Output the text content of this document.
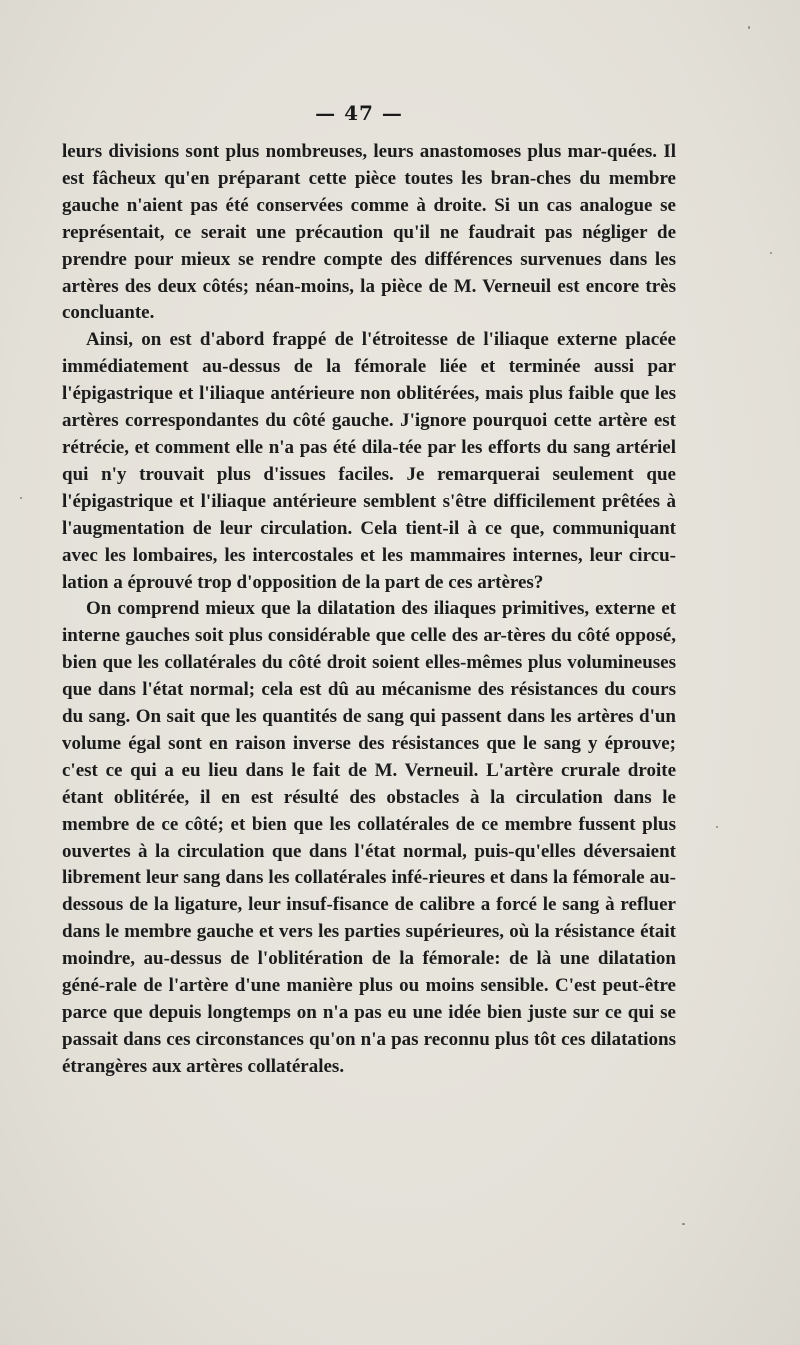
— 47 —

leurs divisions sont plus nombreuses, leurs anastomoses plus mar-quées. Il est fâcheux qu'en préparant cette pièce toutes les bran-ches du membre gauche n'aient pas été conservées comme à droite. Si un cas analogue se représentait, ce serait une précaution qu'il ne faudrait pas négliger de prendre pour mieux se rendre compte des différences survenues dans les artères des deux côtés; néan-moins, la pièce de M. Verneuil est encore très concluante.

Ainsi, on est d'abord frappé de l'étroitesse de l'iliaque externe placée immédiatement au-dessus de la fémorale liée et terminée aussi par l'épigastrique et l'iliaque antérieure non oblitérées, mais plus faible que les artères correspondantes du côté gauche. J'ignore pourquoi cette artère est rétrécie, et comment elle n'a pas été dila-tée par les efforts du sang artériel qui n'y trouvait plus d'issues faciles. Je remarquerai seulement que l'épigastrique et l'iliaque antérieure semblent s'être difficilement prêtées à l'augmentation de leur circulation. Cela tient-il à ce que, communiquant avec les lombaires, les intercostales et les mammaires internes, leur circu-lation a éprouvé trop d'opposition de la part de ces artères?

On comprend mieux que la dilatation des iliaques primitives, externe et interne gauches soit plus considérable que celle des ar-tères du côté opposé, bien que les collatérales du côté droit soient elles-mêmes plus volumineuses que dans l'état normal; cela est dû au mécanisme des résistances du cours du sang. On sait que les quantités de sang qui passent dans les artères d'un volume égal sont en raison inverse des résistances que le sang y éprouve; c'est ce qui a eu lieu dans le fait de M. Verneuil. L'artère crurale droite étant oblitérée, il en est résulté des obstacles à la circulation dans le membre de ce côté; et bien que les collatérales de ce membre fussent plus ouvertes à la circulation que dans l'état normal, puis-qu'elles déversaient librement leur sang dans les collatérales infé-rieures et dans la fémorale au-dessous de la ligature, leur insuf-fisance de calibre a forcé le sang à refluer dans le membre gauche et vers les parties supérieures, où la résistance était moindre, au-dessus de l'oblitération de la fémorale: de là une dilatation géné-rale de l'artère d'une manière plus ou moins sensible. C'est peut-être parce que depuis longtemps on n'a pas eu une idée bien juste sur ce qui se passait dans ces circonstances qu'on n'a pas reconnu plus tôt ces dilatations étrangères aux artères collatérales.
